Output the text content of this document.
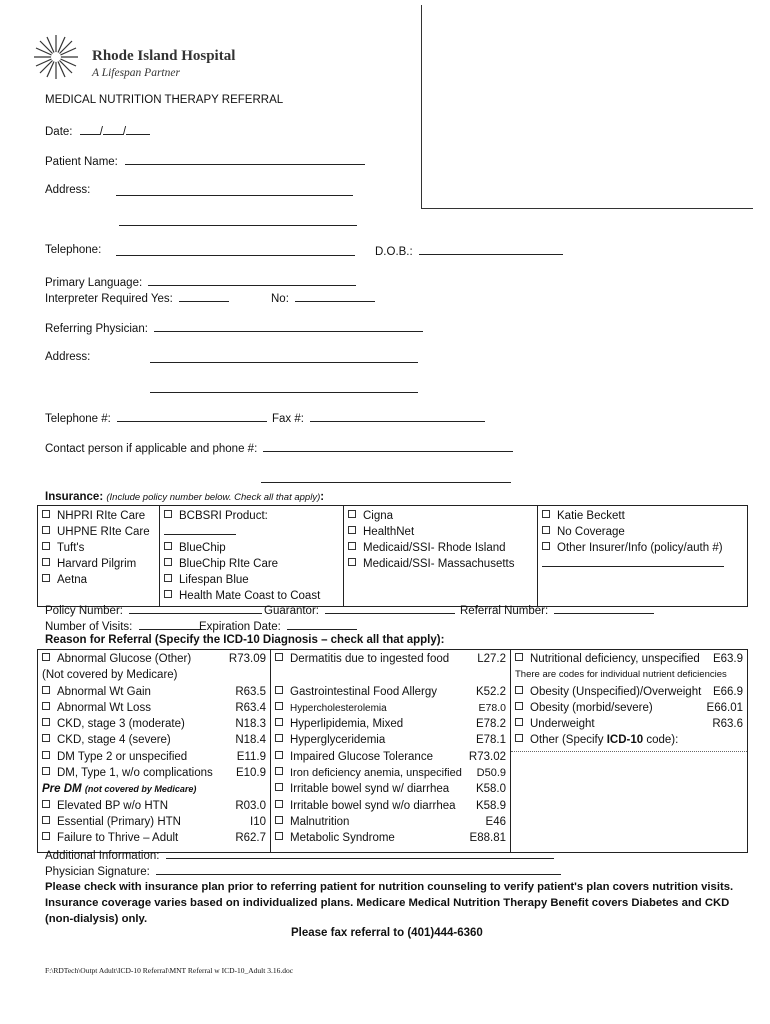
Rhode Island Hospital
A Lifespan Partner
MEDICAL NUTRITION THERAPY REFERRAL
Date: / /
Patient Name:
Address:
Telephone:	D.O.B.:
Primary Language:
Interpreter Required Yes:	No:
Referring Physician:
Address:
Telephone #:	Fax #:
Contact person if applicable and phone #:
Insurance: (Include policy number below. Check all that apply):
NHPRI RIte Care
UHPNE RIte Care
Tuft's
Harvard Pilgrim
Aetna

BCBSRI Product:
BlueChip
BlueChip RIte Care
Lifespan Blue
Health Mate Coast to Coast

Cigna
HealthNet
Medicaid/SSI- Rhode Island
Medicaid/SSI- Massachusetts

Katie Beckett
No Coverage
Other Insurer/Info (policy/auth #)
Policy Number:	Guarantor:	Referral Number:
Number of Visits:	Expiration Date:
Reason for Referral (Specify the ICD-10 Diagnosis – check all that apply):
Abnormal Glucose (Other)	R73.09
(Not covered by Medicare)
Abnormal Wt Gain	R63.5
Abnormal Wt Loss	R63.4
CKD, stage 3 (moderate)	N18.3
CKD, stage 4 (severe)	N18.4
DM Type 2 or unspecified	E11.9
DM, Type 1, w/o complications E10.9
Pre DM (not covered by Medicare)
Elevated BP w/o HTN	R03.0
Essential (Primary) HTN	I10
Failure to Thrive – Adult	R62.7

Dermatitis due to ingested food L27.2
Gastrointestinal Food Allergy	K52.2
Hypercholesterolemia	E78.0
Hyperlipidemia, Mixed	E78.2
Hyperglyceridemia	E78.1
Impaired Glucose Tolerance	R73.02
Iron deficiency anemia, unspecified D50.9
Irritable bowel synd w/ diarrhea K58.0
Irritable bowel synd w/o diarrhea K58.9
Malnutrition	E46
Metabolic Syndrome	E88.81

Nutritional deficiency, unspecified E63.9
There are codes for individual nutrient deficiencies
Obesity (Unspecified)/Overweight E66.9
Obesity (morbid/severe)	E66.01
Underweight	R63.6
Other (Specify ICD-10 code):
Additional Information:
Physician Signature:
Please check with insurance plan prior to referring patient for nutrition counseling to verify patient's plan covers nutrition visits. Insurance coverage varies based on individualized plans. Medicare Medical Nutrition Therapy Benefit covers Diabetes and CKD (non-dialysis) only.
Please fax referral to (401)444-6360
F:\RDTech\Outpt Adult\ICD-10 Referral\MNT Referral w ICD-10_Adult 3.16.doc
